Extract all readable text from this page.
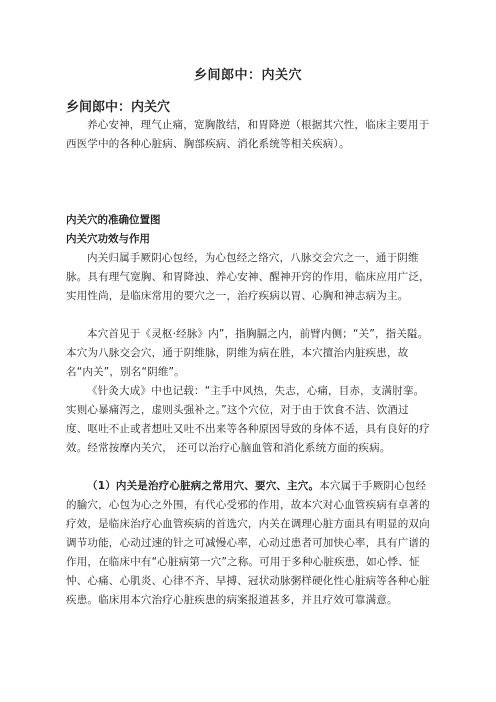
乡间郎中：内关穴
乡间郎中：内关穴
养心安神，理气止痛，宽胸散结，和胃降逆（根据其穴性，临床主要用于西医学中的各种心脏病、胸部疾病、消化系统等相关疾病）。
内关穴的准确位置图
内关穴功效与作用
内关归属手厥阴心包经，为心包经之络穴，八脉交会穴之一，通于阴维脉。具有理气宽胸、和胃降浊、养心安神、醒神开窍的作用，临床应用广泛，实用性尚，是临床常用的要穴之一，治疗疾病以胃、心胸和神志病为主。
本穴首见于《灵枢·经脉》内”，指胸膈之内，前臂内侧；“关”，指关隘。本穴为八脉交会穴，通于阴维脉，阴维为病在胜，本穴擅治内脏疾患，故名“内关”，别名“阴维”。
《针灸大成》中也记载：“主手中风热，失志，心痛，目赤，支满肘挛。实则心暴痛泻之，虚则头强补之。”这个穴位，对于由于饮食不洁、饮酒过度、呕吐不止或者想吐又吐不出来等各种原因导致的身体不适，具有良好的疗效。经常按摩内关穴， 还可以治疗心脑血管和消化系统方面的疾病。
（1）内关是治疗心脏病之常用穴、要穴、主穴。本穴属于手厥阴心包经的腧穴，心包为心之外围，有代心受邪的作用，故本穴对心血管疾病有卓著的疗效，是临床治疗心血管疾病的首选穴，内关在调理心脏方面具有明显的双向调节功能，心动过速的针之可减慢心率，心动过患者可加快心率，具有广谱的作用，在临床中有“心脏病第一穴”之称。可用于多种心脏疾患，如心悸、怔忡、心痛、心肌炎、心律不齐、早搏、冠状动脉粥样硬化性心脏病等各种心脏疾患。临床用本穴治疗心脏疾患的病案报道甚多，并且疗效可靠满意。
